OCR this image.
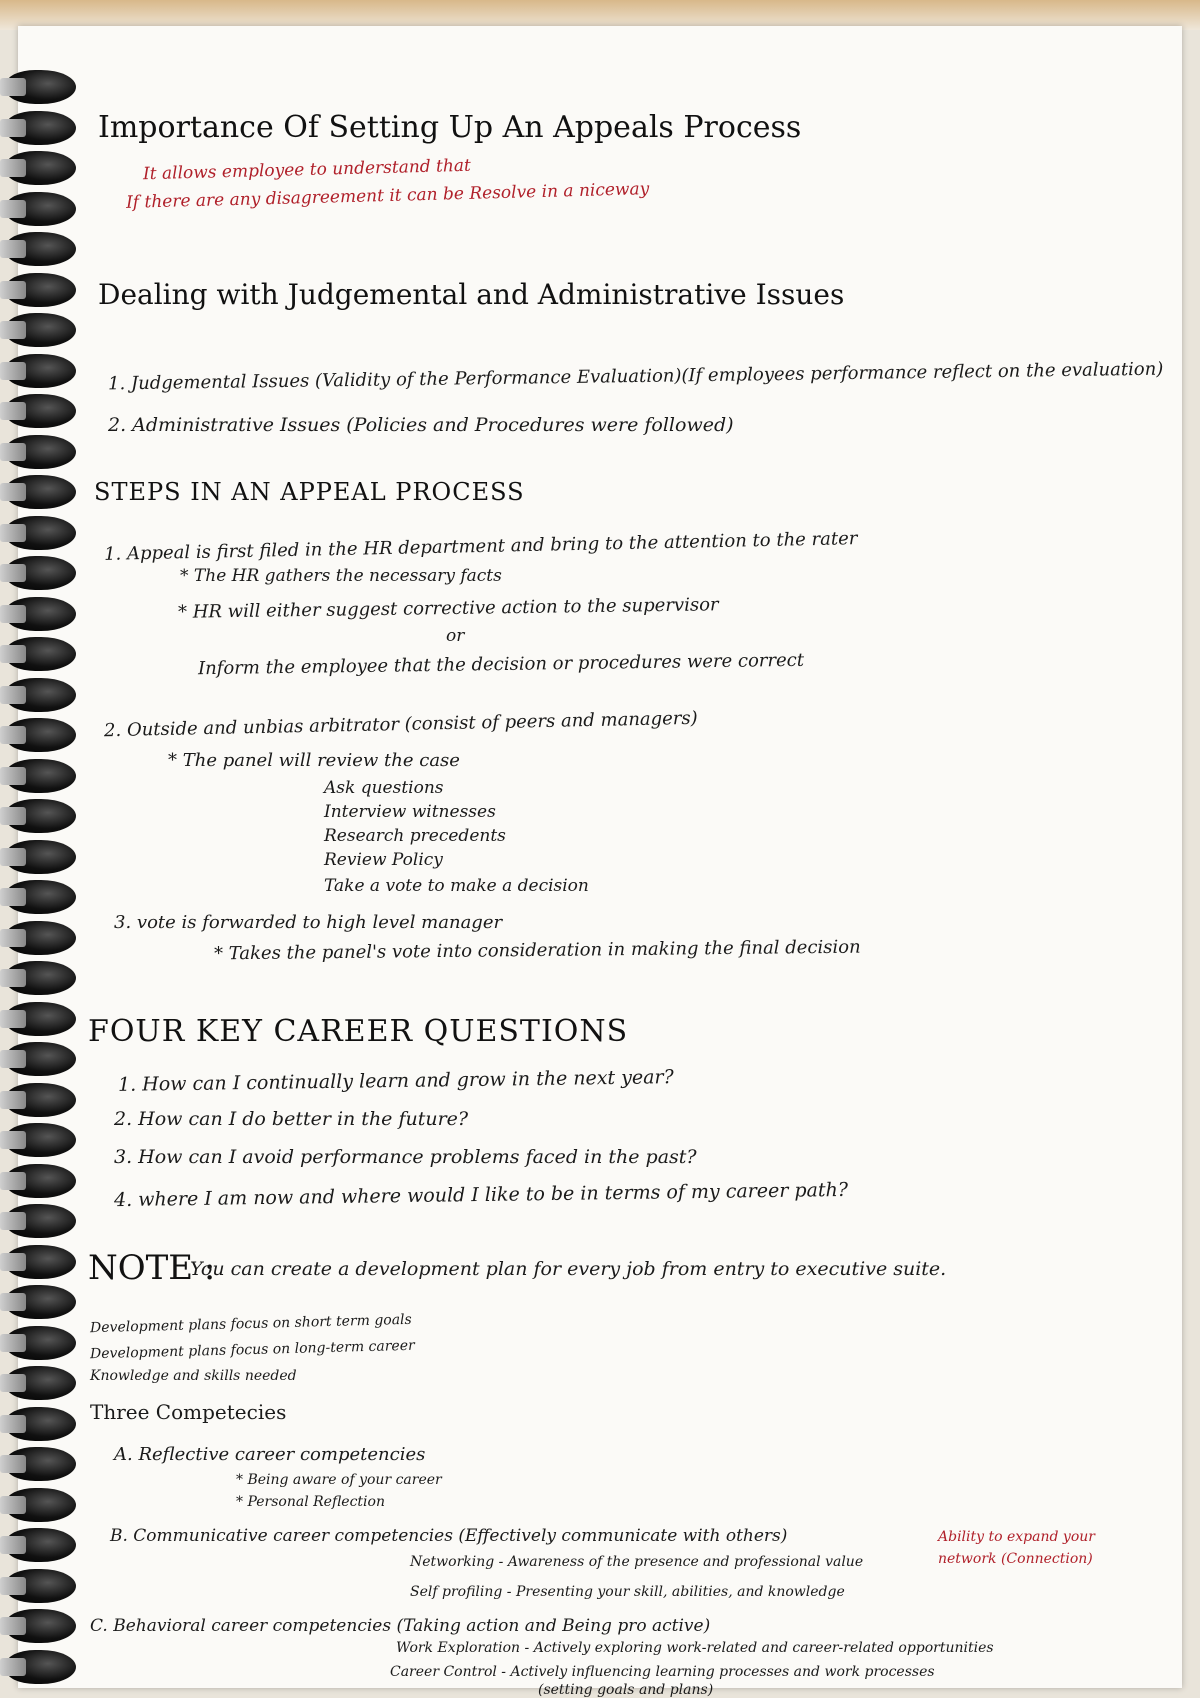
Importance Of Setting Up An Appeals Process
It allows employee to understand that
If there are any disagreement it can be Resolve in a niceway
Dealing with Judgemental and Administrative Issues
1. Judgemental Issues (Validity of the Performance Evaluation)(If employees performance reflect on the evaluation)
2. Administrative Issues (Policies and Procedures were followed)
STEPS IN AN APPEAL PROCESS
1. Appeal is first filed in the HR department and bring to the attention to the rater
* The HR gathers the necessary facts
* HR will either suggest corrective action to the supervisor
or
Inform the employee that the decision or procedures were correct
2. Outside and unbias arbitrator (consist of peers and managers)
* The panel will review the case
Ask questions
Interview witnesses
Research precedents
Review Policy
Take a vote to make a decision
3. vote is forwarded to high level manager
* Takes the panel's vote into consideration in making the final decision
FOUR KEY CAREER QUESTIONS
1. How can I continually learn and grow in the next year?
2. How can I do better in the future?
3. How can I avoid performance problems faced in the past?
4. where I am now and where would I like to be in terms of my career path?
NOTE :
You can create a development plan for every job from entry to executive suite.
Development plans focus on short term goals
Development plans focus on long-term career
Knowledge and skills needed
Three Competecies
A. Reflective career competencies
* Being aware of your career
* Personal Reflection
B. Communicative career competencies (Effectively communicate with others)
Networking - Awareness of the presence and professional value
Ability to expand your network (Connection)
Self profiling - Presenting your skill, abilities, and knowledge
C. Behavioral career competencies (Taking action and Being pro active)
Work Exploration - Actively exploring work-related and career-related opportunities
Career Control - Actively influencing learning processes and work processes
(setting goals and plans)
